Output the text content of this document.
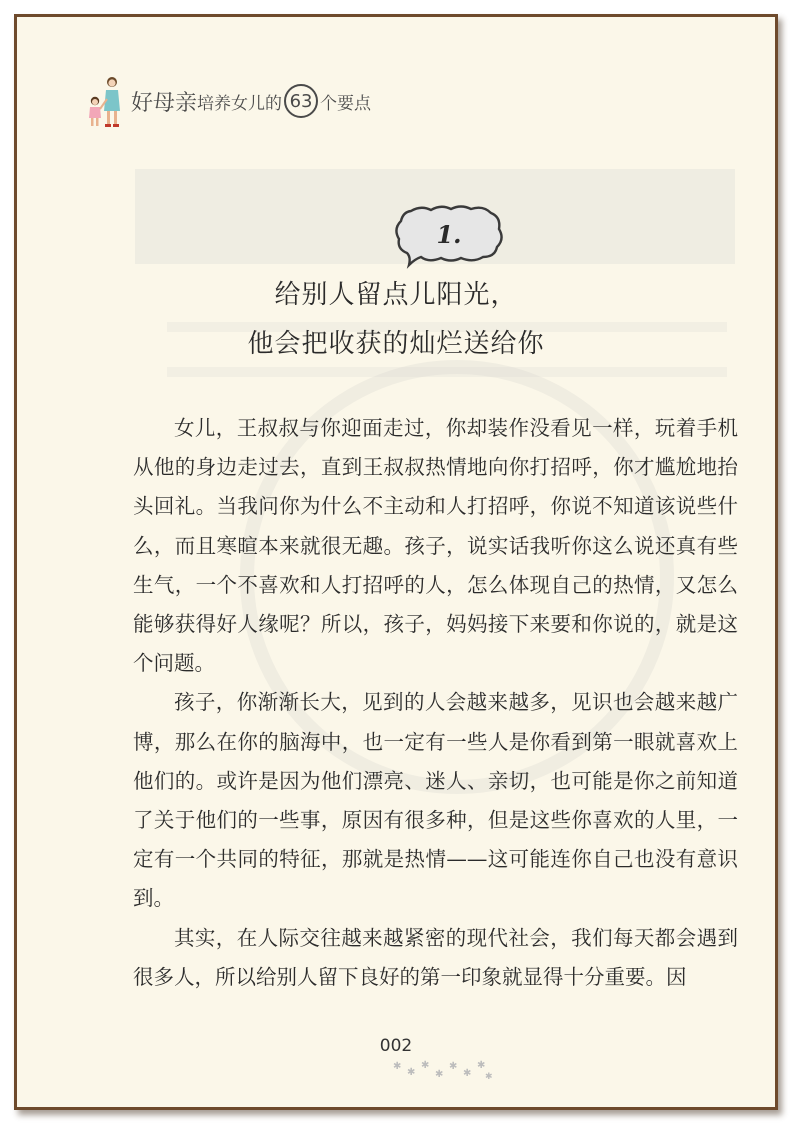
好母亲 培养女儿的 63 个要点
1.
给别人留点儿阳光，
他会把收获的灿烂送给你

女儿，王叔叔与你迎面走过，你却装作没看见一样，玩着手机从他的身边走过去，直到王叔叔热情地向你打招呼，你才尴尬地抬头回礼。当我问你为什么不主动和人打招呼，你说不知道该说些什么，而且寒暄本来就很无趣。孩子，说实话我听你这么说还真有些生气，一个不喜欢和人打招呼的人，怎么体现自己的热情，又怎么能够获得好人缘呢？所以，孩子，妈妈接下来要和你说的，就是这个问题。

孩子，你渐渐长大，见到的人会越来越多，见识也会越来越广博，那么在你的脑海中，也一定有一些人是你看到第一眼就喜欢上他们的。或许是因为他们漂亮、迷人、亲切，也可能是你之前知道了关于他们的一些事，原因有很多种，但是这些你喜欢的人里，一定有一个共同的特征，那就是热情——这可能连你自己也没有意识到。

其实，在人际交往越来越紧密的现代社会，我们每天都会遇到很多人，所以给别人留下良好的第一印象就显得十分重要。因

002
✱
✱
✱
✱
✱
✱
✱
✱
